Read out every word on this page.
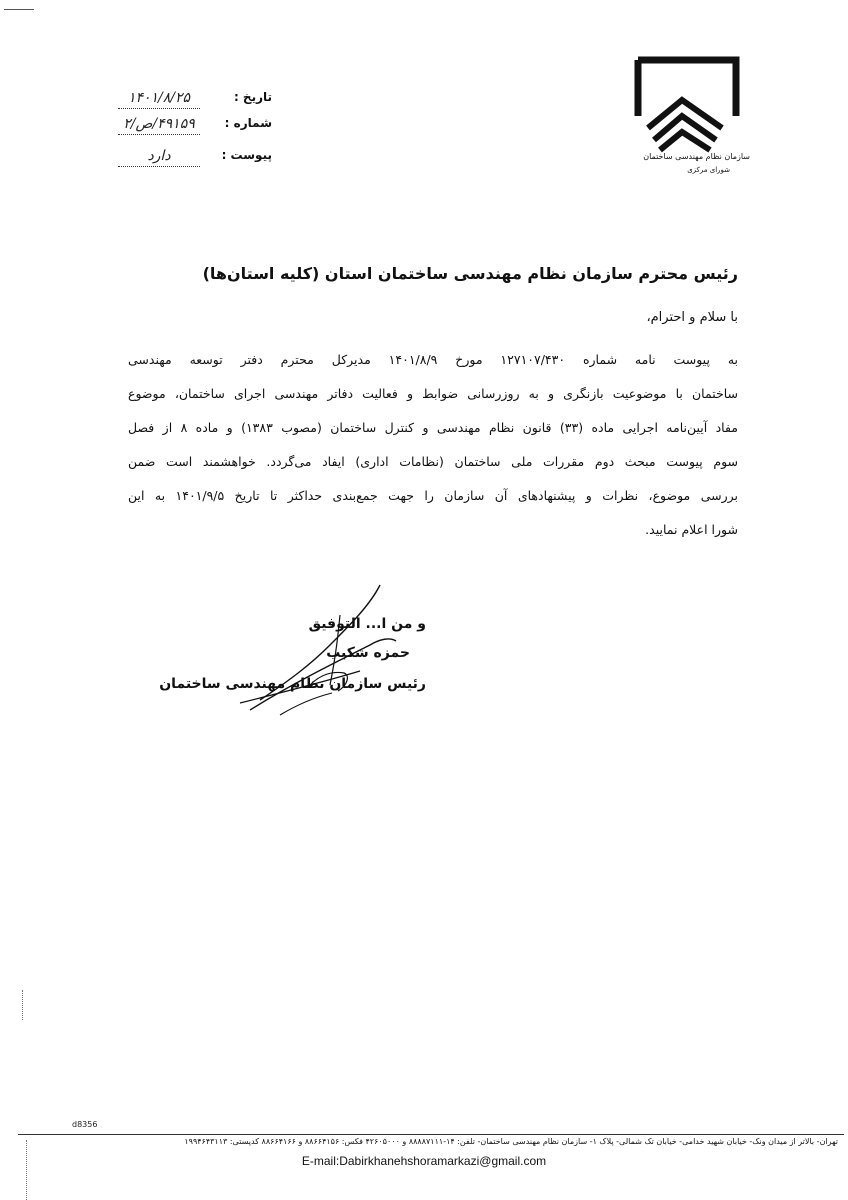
سازمان نظام مهندسی ساختمان
شورای مرکزی
تاریخ :
۱۴۰۱/۸/۲۵
شماره :
۴۹۱۵۹/ص/۲
پیوست :
دارد
رئیس محترم سازمان نظام مهندسی ساختمان استان (کلیه استان‌ها)
با سلام و احترام،
به پیوست نامه شماره ۱۲۷۱۰۷/۴۳۰ مورخ ۱۴۰۱/۸/۹ مدیرکل محترم دفتر توسعه مهندسی
ساختمان با موضوعیت بازنگری و به روزرسانی ضوابط و فعالیت دفاتر مهندسی اجرای ساختمان، موضوع
مفاد آیین‌نامه اجرایی ماده (۳۳) قانون نظام مهندسی و کنترل ساختمان (مصوب ۱۳۸۳) و ماده ۸ از فصل
سوم پیوست مبحث دوم مقررات ملی ساختمان (نظامات اداری) ایفاد می‌گردد. خواهشمند است ضمن
بررسی موضوع، نظرات و پیشنهادهای آن سازمان را جهت جمع‌بندی حداکثر تا تاریخ ۱۴۰۱/۹/۵ به این
شورا اعلام نمایید.
و من ا... التوفیق
حمزه شکیب
رئیس سازمان نظام مهندسی ساختمان
d8356
تهران- بالاتر از میدان ونک- خیابان شهید خدامی- خیابان تک شمالی- پلاک ۱- سازمان نظام مهندسی ساختمان- تلفن: ۱۴-۸۸۸۸۷۱۱۱ و ۴۲۶۰۵۰۰۰ فکس: ۸۸۶۶۴۱۵۶ و ۸۸۶۶۴۱۶۶ کدپستی: ۱۹۹۴۶۴۳۱۱۳
E-mail:Dabirkhanehshoramarkazi@gmail.com
